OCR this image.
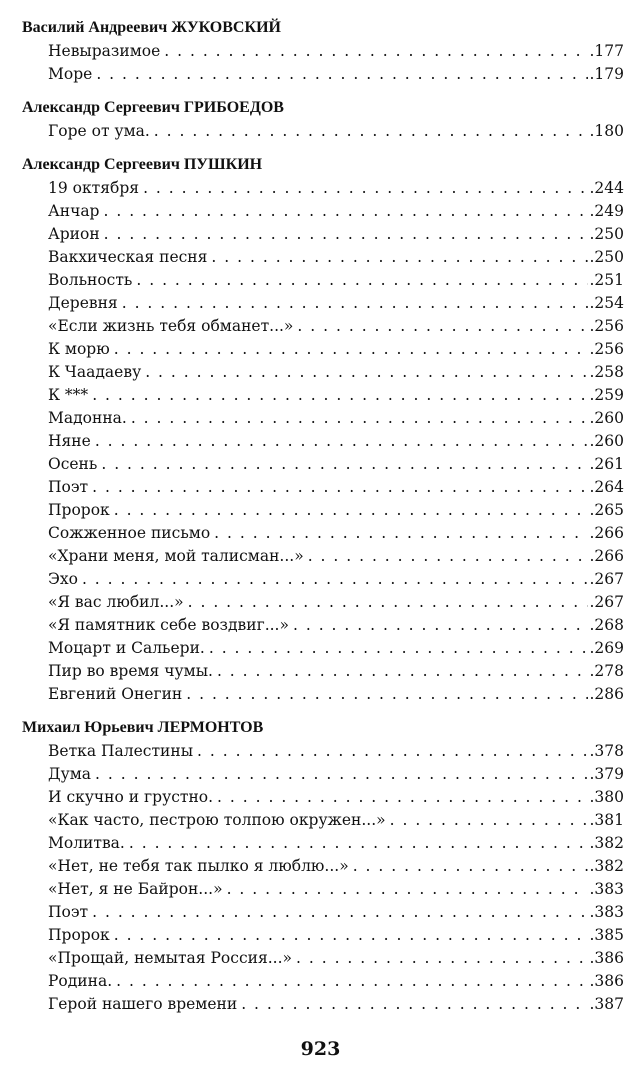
Василий Андреевич ЖУКОВСКИЙ
Невыразимое . . .	.177
Море . . .	.179
Александр Сергеевич ГРИБОЕДОВ
Горе от ума. . . .	.180
Александр Сергеевич ПУШКИН
19 октября . . .	.244
Анчар . . .	.249
Арион . . .	.250
Вакхическая песня . . .	.250
Вольность . . .	.251
Деревня . . .	.254
«Если жизнь тебя обманет...» . . .	.256
К морю . . .	.256
К Чаадаеву . . .	.258
К *** . . .	.259
Мадонна. . . .	.260
Няне . . .	.260
Осень . . .	.261
Поэт . . .	.264
Пророк . . .	.265
Сожженное письмо . . .	.266
«Храни меня, мой талисман...» . . .	.266
Эхо . . .	.267
«Я вас любил...» . . .	.267
«Я памятник себе воздвиг...» . . .	.268
Моцарт и Сальери. . . .	.269
Пир во время чумы. . . .	.278
Евгений Онегин . . .	.286
Михаил Юрьевич ЛЕРМОНТОВ
Ветка Палестины . . .	.378
Дума . . .	.379
И скучно и грустно. . . .	.380
«Как часто, пестрою толпою окружен...» . . .	.381
Молитва. . . .	.382
«Нет, не тебя так пылко я люблю...» . . .	.382
«Нет, я не Байрон...» . . .	.383
Поэт . . .	.383
Пророк . . .	.385
«Прощай, немытая Россия...» . . .	.386
Родина. . . .	.386
Герой нашего времени . . .	.387
923
